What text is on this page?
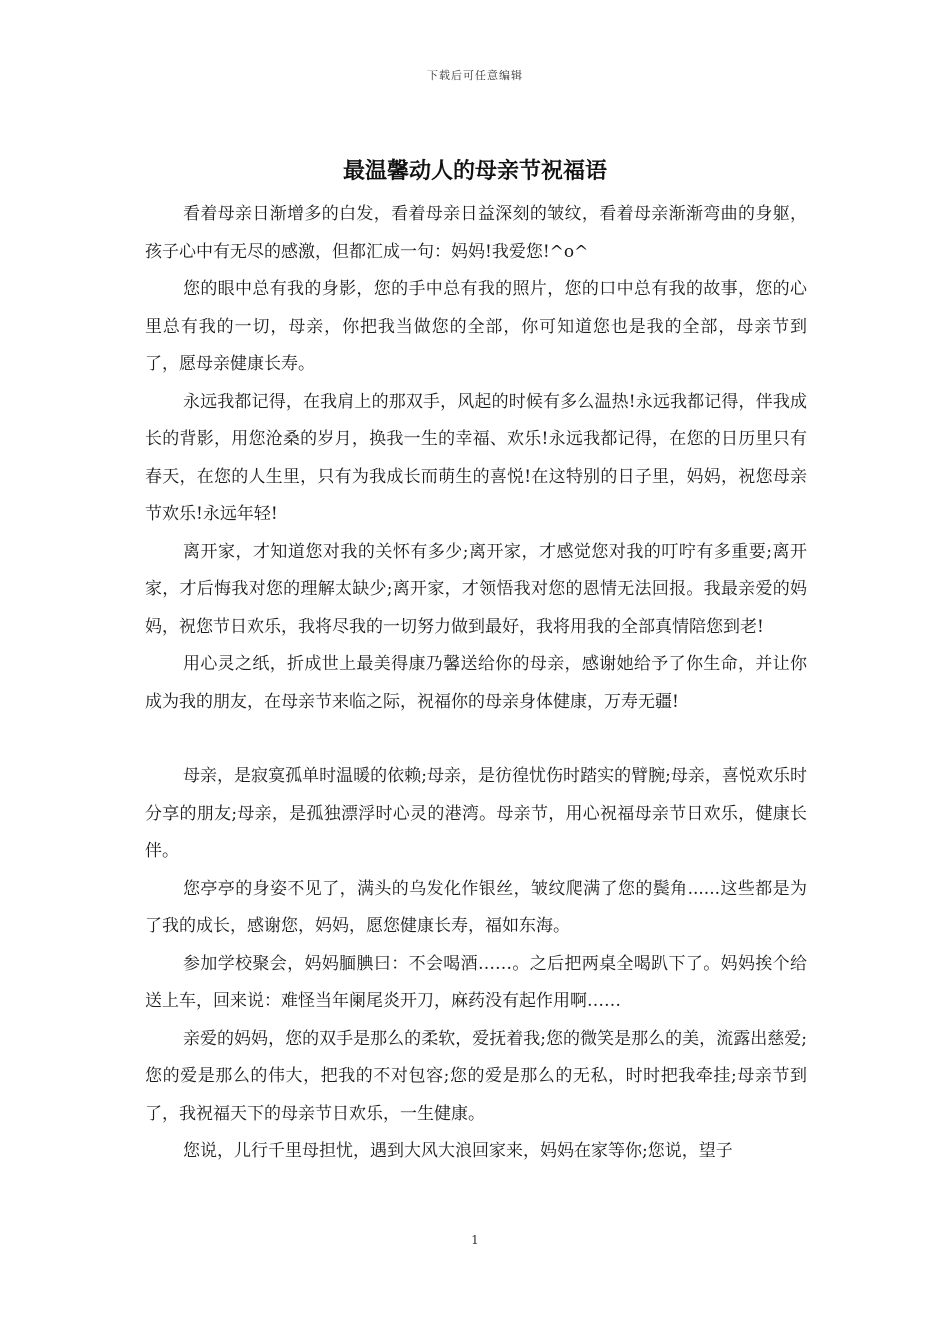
下载后可任意编辑
最温馨动人的母亲节祝福语

看着母亲日渐增多的白发，看着母亲日益深刻的皱纹，看着母亲渐渐弯曲的身躯，孩子心中有无尽的感激，但都汇成一句：妈妈!我爱您!^o^

您的眼中总有我的身影，您的手中总有我的照片，您的口中总有我的故事，您的心里总有我的一切，母亲，你把我当做您的全部，你可知道您也是我的全部，母亲节到了，愿母亲健康长寿。

永远我都记得，在我肩上的那双手，风起的时候有多么温热!永远我都记得，伴我成长的背影，用您沧桑的岁月，换我一生的幸福、欢乐!永远我都记得，在您的日历里只有春天，在您的人生里，只有为我成长而萌生的喜悦!在这特别的日子里，妈妈，祝您母亲节欢乐!永远年轻!

离开家，才知道您对我的关怀有多少;离开家，才感觉您对我的叮咛有多重要;离开家，才后悔我对您的理解太缺少;离开家，才领悟我对您的恩情无法回报。我最亲爱的妈妈，祝您节日欢乐，我将尽我的一切努力做到最好，我将用我的全部真情陪您到老!

用心灵之纸，折成世上最美得康乃馨送给你的母亲，感谢她给予了你生命，并让你成为我的朋友，在母亲节来临之际，祝福你的母亲身体健康，万寿无疆!

母亲，是寂寞孤单时温暖的依赖;母亲，是彷徨忧伤时踏实的臂腕;母亲，喜悦欢乐时分享的朋友;母亲，是孤独漂浮时心灵的港湾。母亲节，用心祝福母亲节日欢乐，健康长伴。

您亭亭的身姿不见了，满头的乌发化作银丝，皱纹爬满了您的鬓角......这些都是为了我的成长，感谢您，妈妈，愿您健康长寿，福如东海。

参加学校聚会，妈妈腼腆曰：不会喝酒……。之后把两桌全喝趴下了。妈妈挨个给送上车，回来说：难怪当年阑尾炎开刀，麻药没有起作用啊……

亲爱的妈妈，您的双手是那么的柔软，爱抚着我;您的微笑是那么的美，流露出慈爱;您的爱是那么的伟大，把我的不对包容;您的爱是那么的无私，时时把我牵挂;母亲节到了，我祝福天下的母亲节日欢乐，一生健康。

您说，儿行千里母担忧，遇到大风大浪回家来，妈妈在家等你;您说，望子

1
